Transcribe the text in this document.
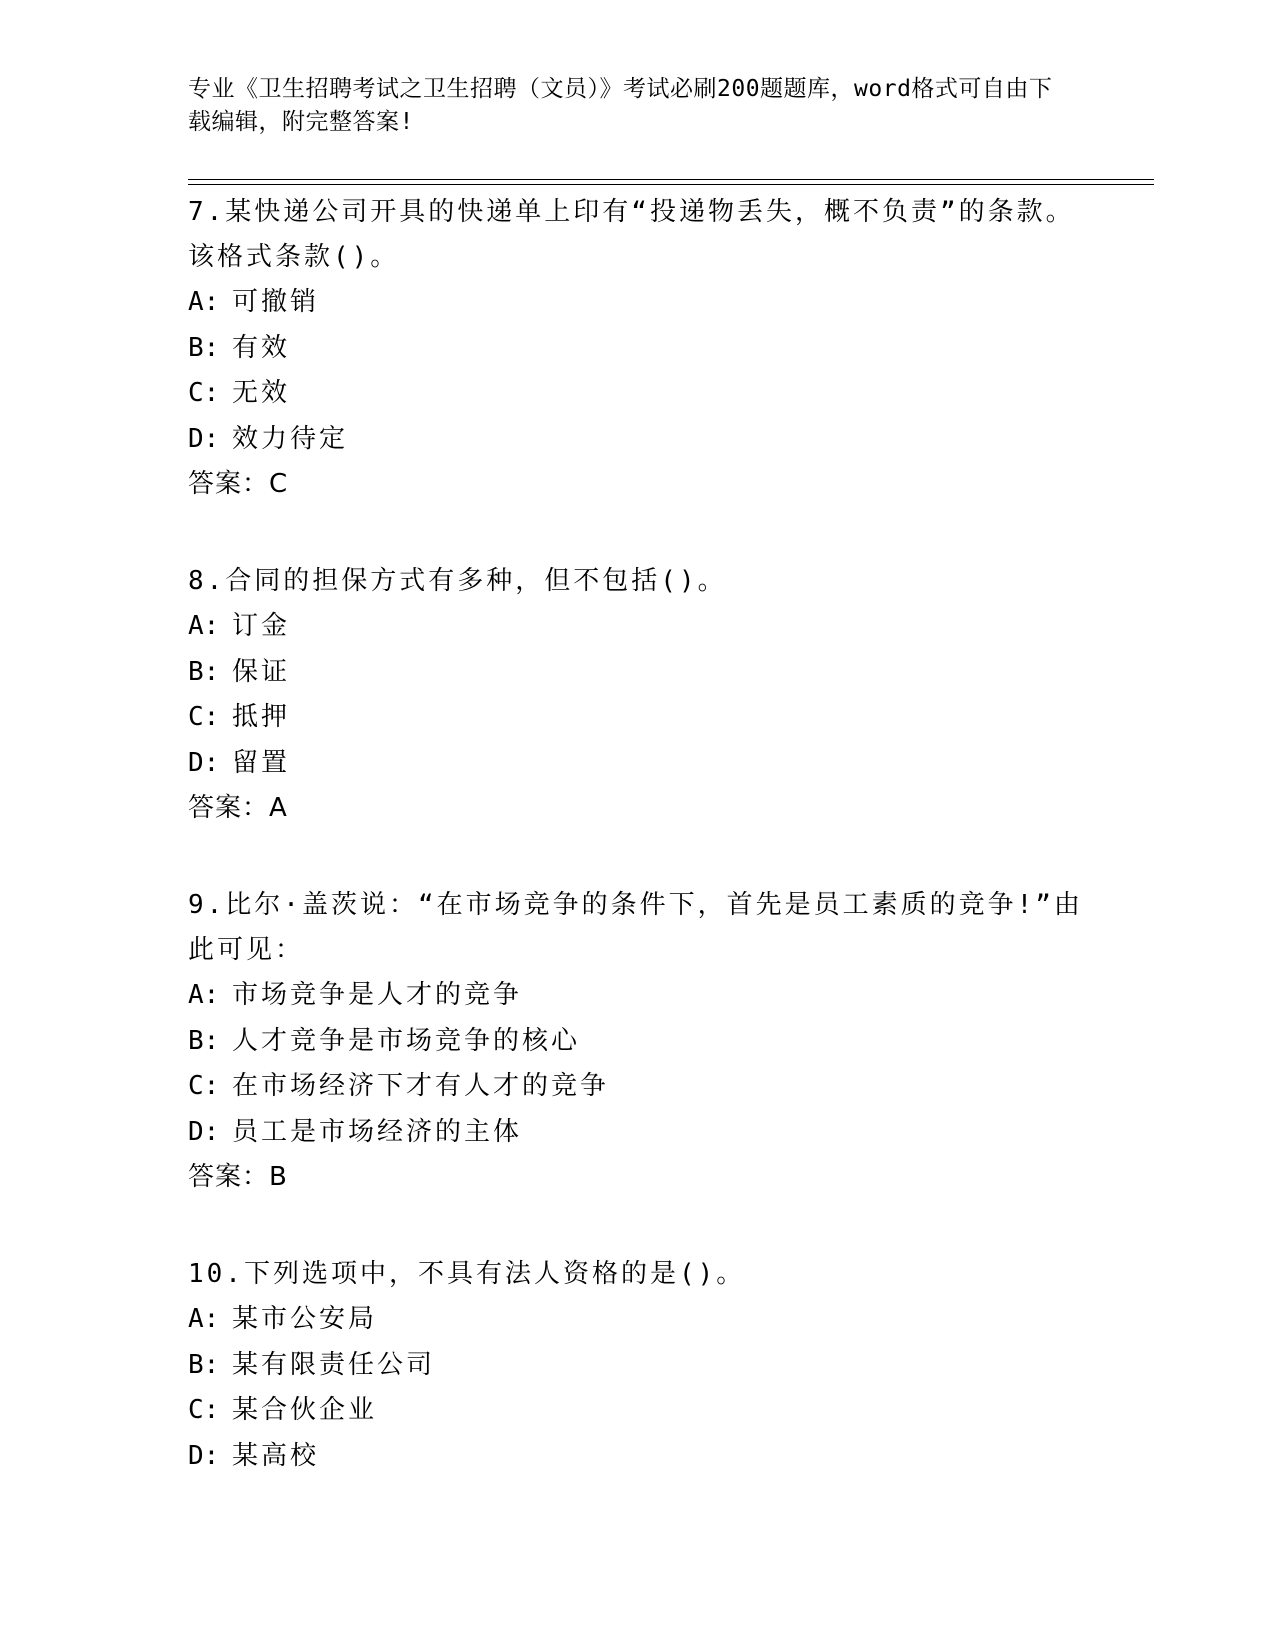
专业《卫生招聘考试之卫生招聘（文员）》考试必刷200题题库，word格式可自由下载编辑，附完整答案!
7.某快递公司开具的快递单上印有“投递物丢失，概不负责”的条款。该格式条款()。
A: 可撤销
B: 有效
C: 无效
D: 效力待定
答案：C
8.合同的担保方式有多种，但不包括()。
A: 订金
B: 保证
C: 抵押
D: 留置
答案：A
9.比尔·盖茨说：“在市场竞争的条件下，首先是员工素质的竞争!”由此可见：
A: 市场竞争是人才的竞争
B: 人才竞争是市场竞争的核心
C: 在市场经济下才有人才的竞争
D: 员工是市场经济的主体
答案：B
10.下列选项中，不具有法人资格的是()。
A: 某市公安局
B: 某有限责任公司
C: 某合伙企业
D: 某高校
